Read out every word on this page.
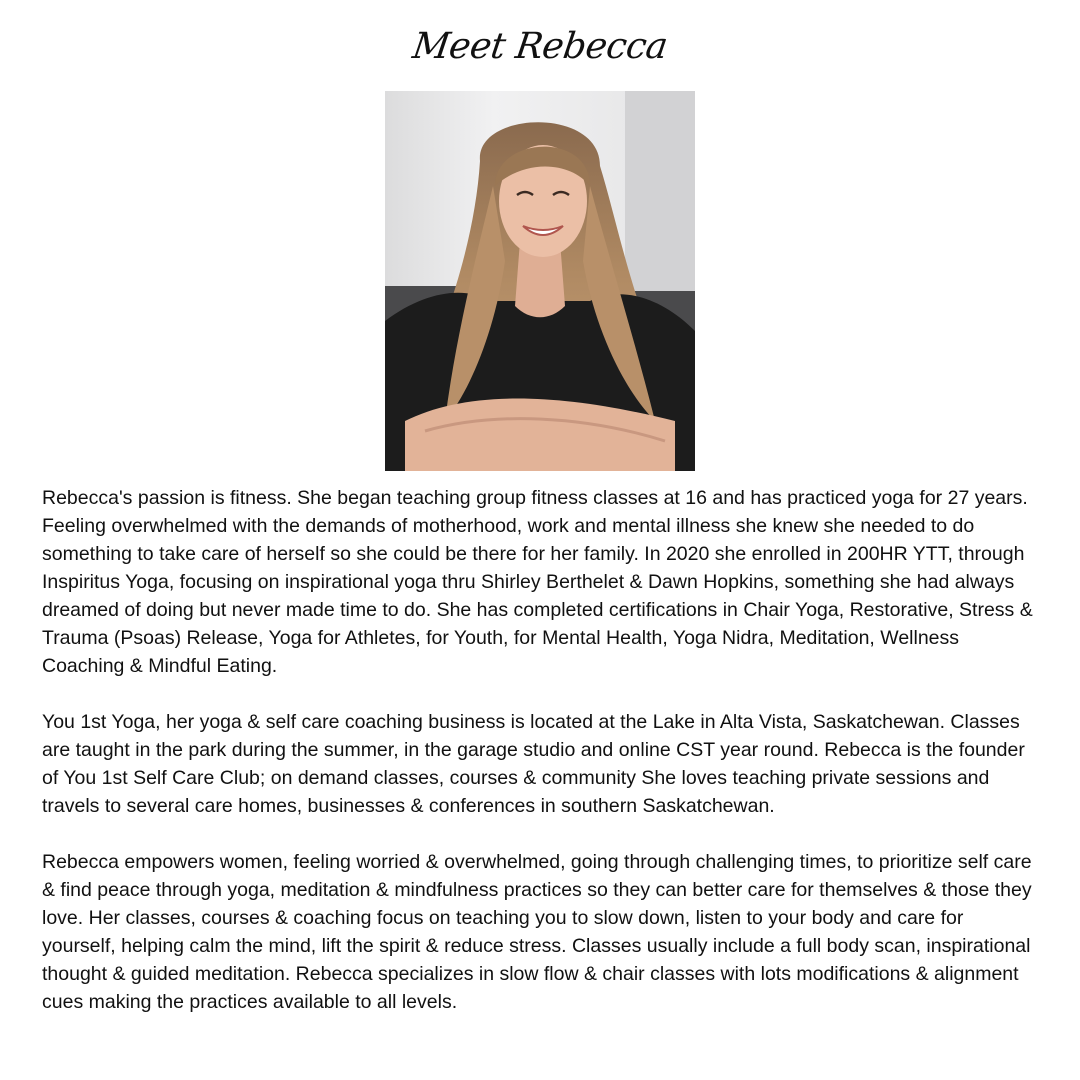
Meet Rebecca

Rebecca's passion is fitness. She began teaching group fitness classes at 16 and has practiced yoga for 27 years. Feeling overwhelmed with the demands of motherhood, work and mental illness she knew she needed to do something to take care of herself so she could be there for her family. In 2020 she enrolled in 200HR YTT, through Inspiritus Yoga, focusing on inspirational yoga thru Shirley Berthelet & Dawn Hopkins, something she had always dreamed of doing but never made time to do. She has completed certifications in Chair Yoga, Restorative, Stress & Trauma (Psoas) Release, Yoga for Athletes, for Youth, for Mental Health, Yoga Nidra, Meditation, Wellness Coaching & Mindful Eating.

You 1st Yoga, her yoga & self care coaching business is located at the Lake in Alta Vista, Saskatchewan. Classes are taught in the park during the summer, in the garage studio and online CST year round. Rebecca is the founder of You 1st Self Care Club; on demand classes, courses & community She loves teaching private sessions and travels to several care homes, businesses & conferences in southern Saskatchewan.

Rebecca empowers women, feeling worried & overwhelmed, going through challenging times, to prioritize self care & find peace through yoga, meditation & mindfulness practices so they can better care for themselves & those they love. Her classes, courses & coaching focus on teaching you to slow down, listen to your body and care for yourself, helping calm the mind, lift the spirit & reduce stress. Classes usually include a full body scan, inspirational thought & guided meditation. Rebecca specializes in slow flow & chair classes with lots modifications & alignment cues making the practices available to all levels.
